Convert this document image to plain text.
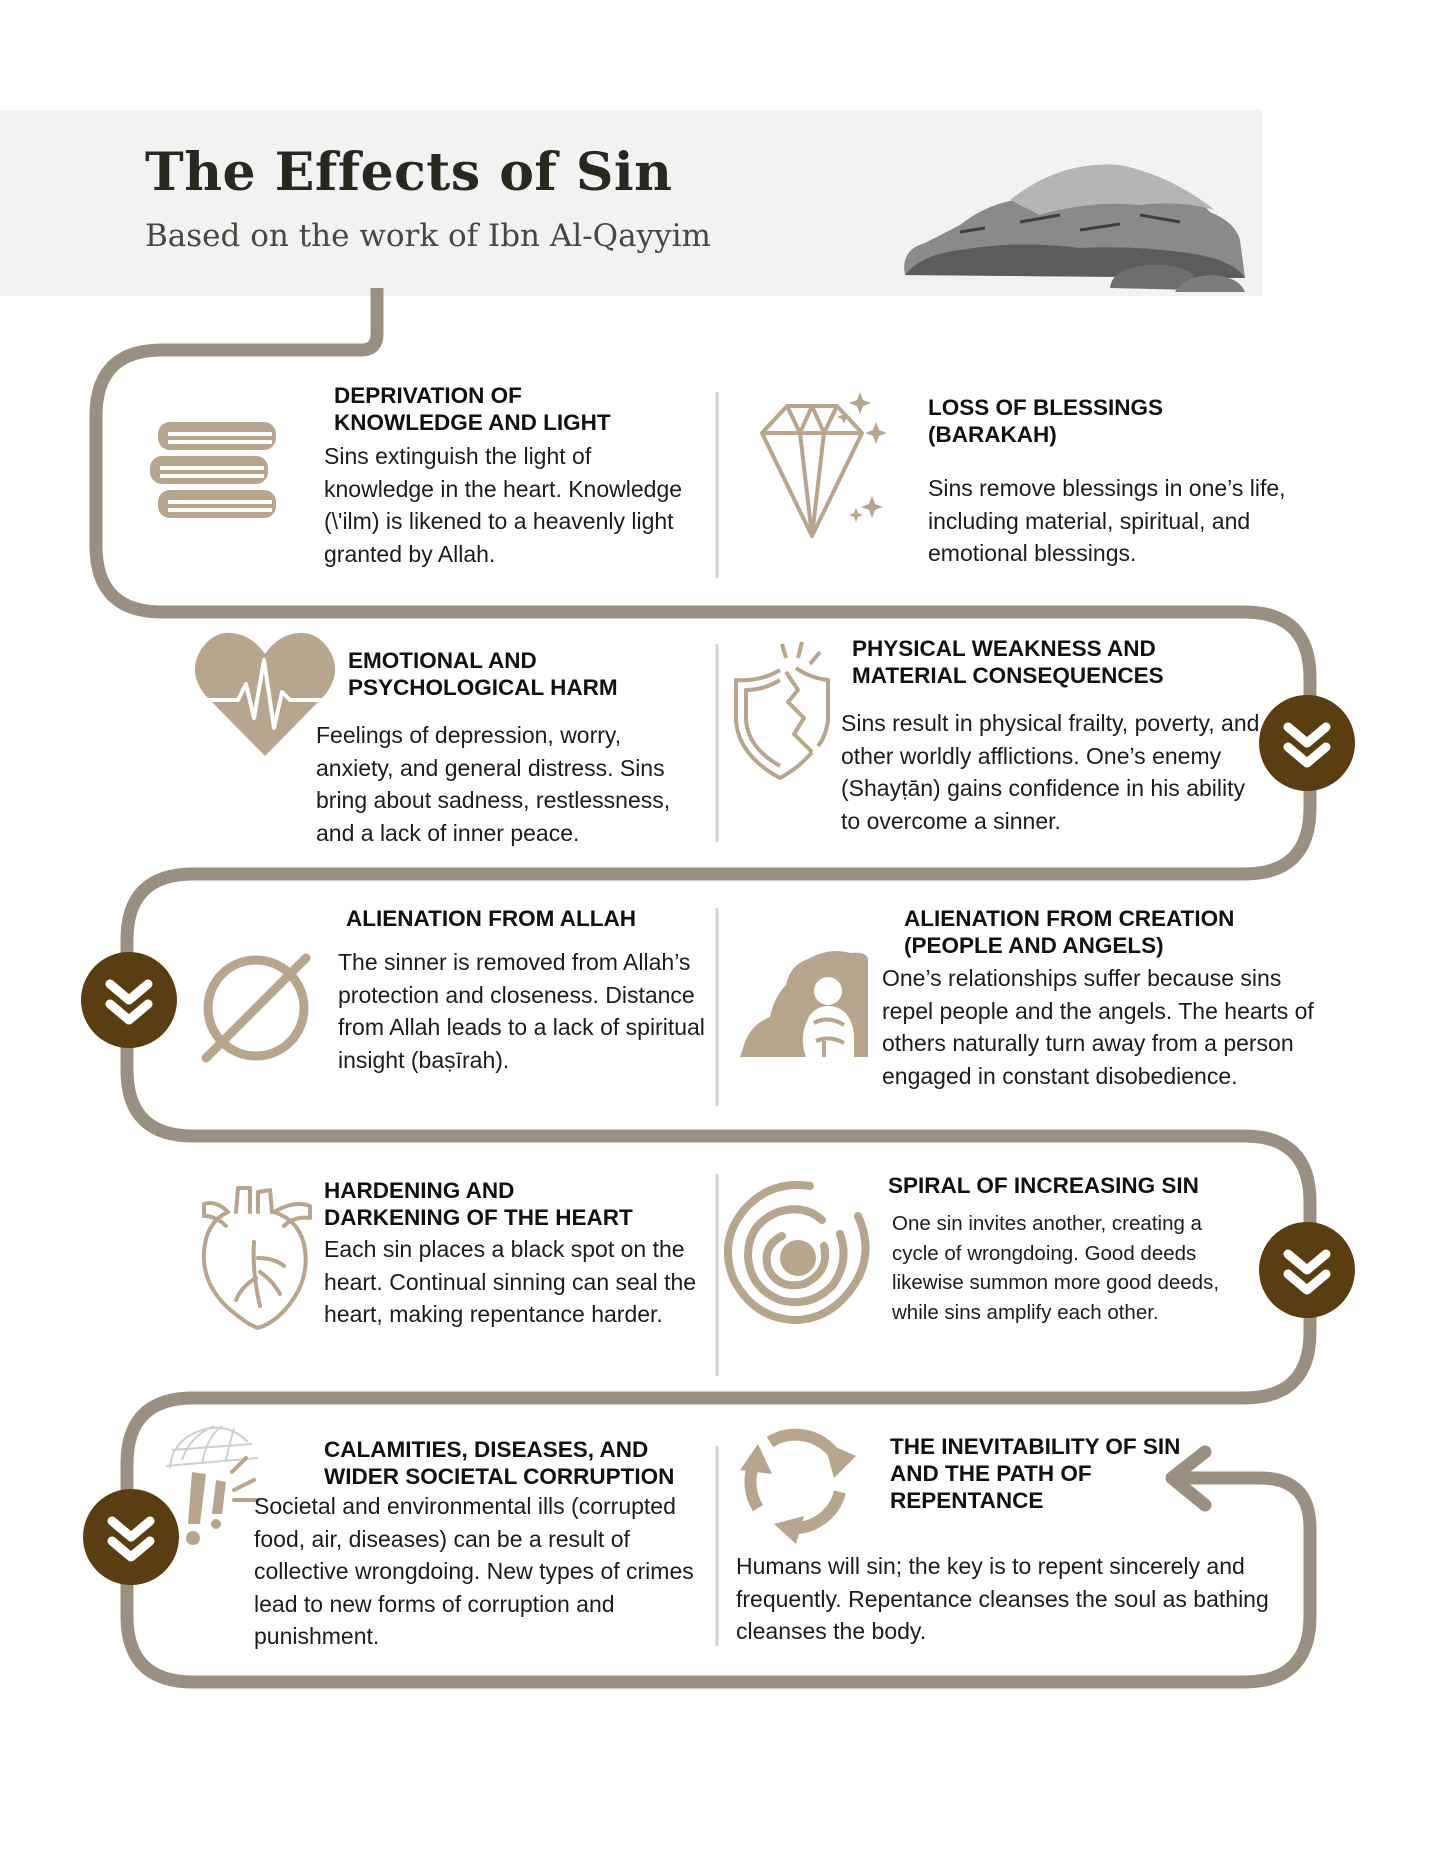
The Effects of Sin
Based on the work of Ibn Al-Qayyim
DEPRIVATION OF
KNOWLEDGE AND LIGHT
Sins extinguish the light of knowledge in the heart. Knowledge (\'ilm) is likened to a heavenly light granted by Allah.
LOSS OF BLESSINGS
(BARAKAH)
Sins remove blessings in one’s life, including material, spiritual, and emotional blessings.
EMOTIONAL AND
PSYCHOLOGICAL HARM
Feelings of depression, worry, anxiety, and general distress. Sins bring about sadness, restlessness, and a lack of inner peace.
PHYSICAL WEAKNESS AND
MATERIAL CONSEQUENCES
Sins result in physical frailty, poverty, and other worldly afflictions. One’s enemy (Shayṭān) gains confidence in his ability to overcome a sinner.
ALIENATION FROM ALLAH
The sinner is removed from Allah’s protection and closeness. Distance from Allah leads to a lack of spiritual insight (baṣīrah).
ALIENATION FROM CREATION
(PEOPLE AND ANGELS)
One’s relationships suffer because sins repel people and the angels. The hearts of others naturally turn away from a person engaged in constant disobedience.
HARDENING AND
DARKENING OF THE HEART
Each sin places a black spot on the heart. Continual sinning can seal the heart, making repentance harder.
SPIRAL OF INCREASING SIN
One sin invites another, creating a cycle of wrongdoing. Good deeds likewise summon more good deeds, while sins amplify each other.
CALAMITIES, DISEASES, AND
WIDER SOCIETAL CORRUPTION
Societal and environmental ills (corrupted food, air, diseases) can be a result of collective wrongdoing. New types of crimes lead to new forms of corruption and punishment.
THE INEVITABILITY OF SIN
AND THE PATH OF
REPENTANCE
Humans will sin; the key is to repent sincerely and frequently. Repentance cleanses the soul as bathing cleanses the body.
